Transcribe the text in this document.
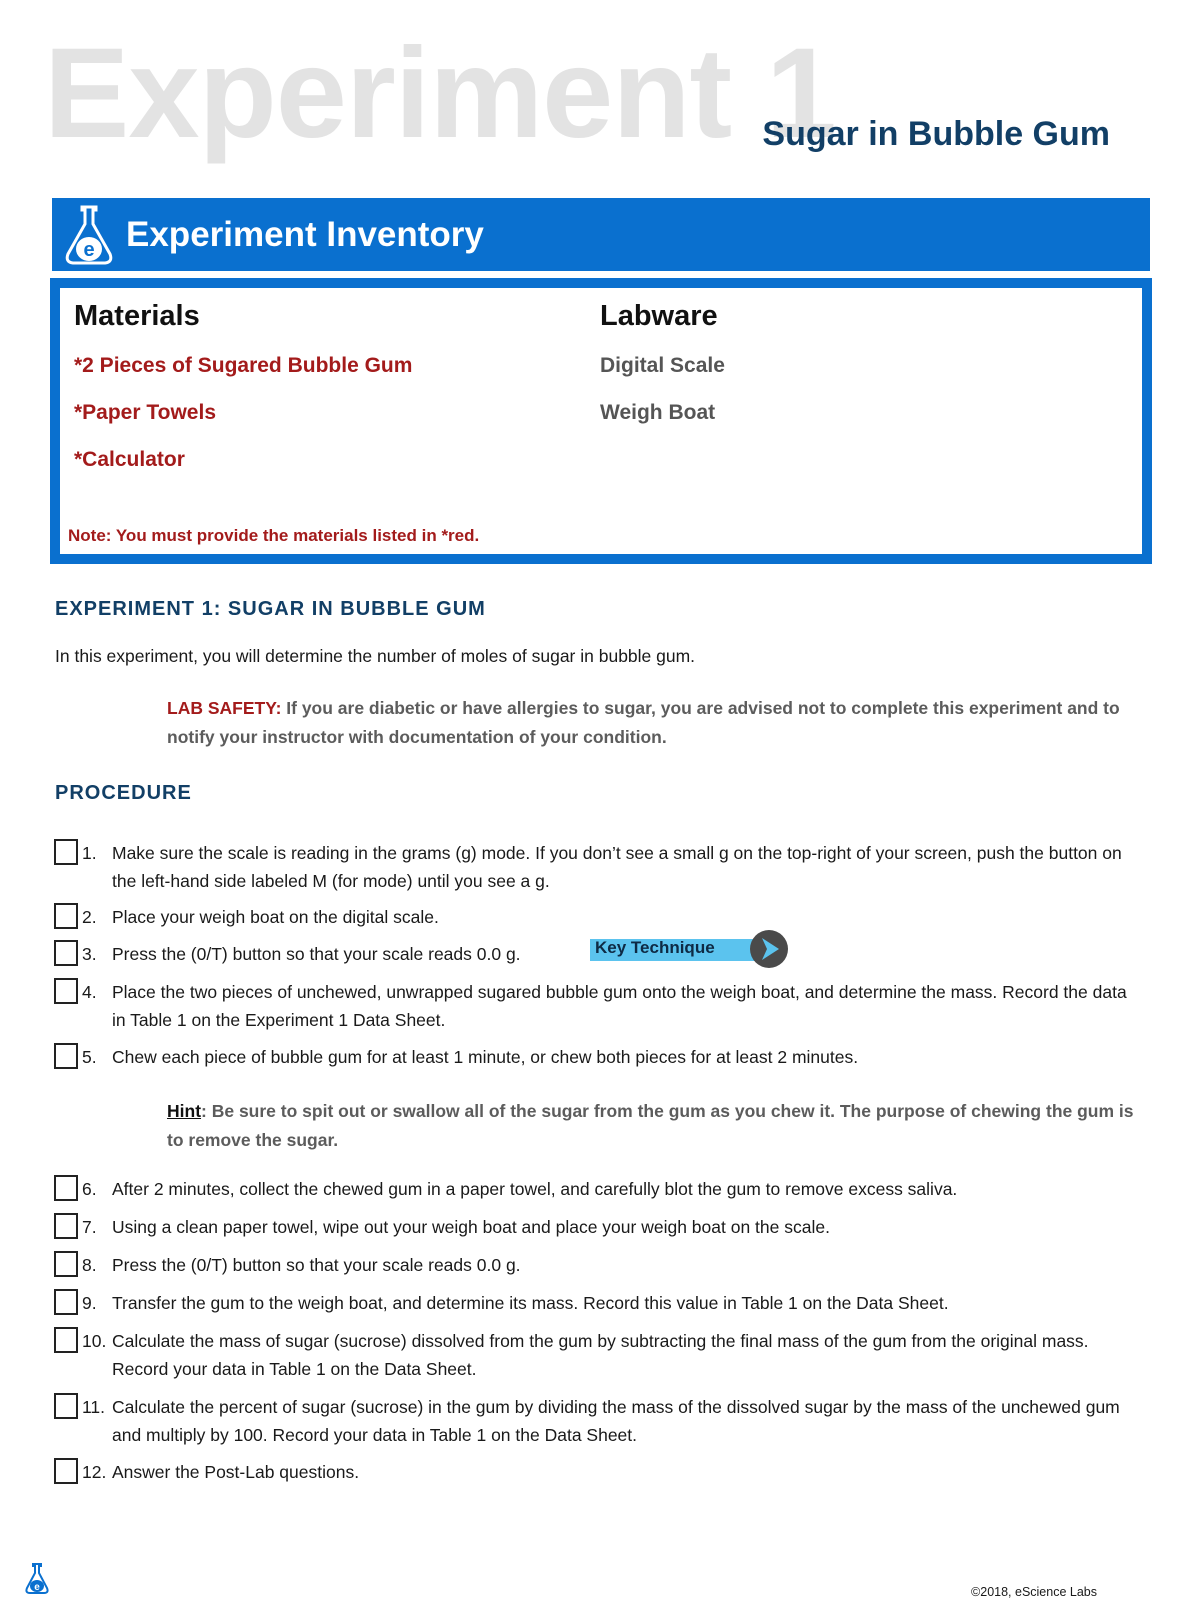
Experiment 1
Sugar in Bubble Gum
e Experiment Inventory
Materials
*2 Pieces of Sugared Bubble Gum
*Paper Towels
*Calculator
Labware
Digital Scale
Weigh Boat
Note: You must provide the materials listed in *red.
EXPERIMENT 1: SUGAR IN BUBBLE GUM
In this experiment, you will determine the number of moles of sugar in bubble gum.
LAB SAFETY: If you are diabetic or have allergies to sugar, you are advised not to complete this experiment and to notify your instructor with documentation of your condition.
PROCEDURE
1. Make sure the scale is reading in the grams (g) mode. If you don’t see a small g on the top-right of your screen, push the button on the left-hand side labeled M (for mode) until you see a g.
2. Place your weigh boat on the digital scale.
3. Press the (0/T) button so that your scale reads 0.0 g.	Key Technique
4. Place the two pieces of unchewed, unwrapped sugared bubble gum onto the weigh boat, and determine the mass. Record the data in Table 1 on the Experiment 1 Data Sheet.
5. Chew each piece of bubble gum for at least 1 minute, or chew both pieces for at least 2 minutes.
Hint: Be sure to spit out or swallow all of the sugar from the gum as you chew it. The purpose of chewing the gum is to remove the sugar.
6. After 2 minutes, collect the chewed gum in a paper towel, and carefully blot the gum to remove excess saliva.
7. Using a clean paper towel, wipe out your weigh boat and place your weigh boat on the scale.
8. Press the (0/T) button so that your scale reads 0.0 g.
9. Transfer the gum to the weigh boat, and determine its mass. Record this value in Table 1 on the Data Sheet.
10. Calculate the mass of sugar (sucrose) dissolved from the gum by subtracting the final mass of the gum from the original mass. Record your data in Table 1 on the Data Sheet.
11. Calculate the percent of sugar (sucrose) in the gum by dividing the mass of the dissolved sugar by the mass of the unchewed gum and multiply by 100. Record your data in Table 1 on the Data Sheet.
12. Answer the Post-Lab questions.
e	©2018, eScience Labs
